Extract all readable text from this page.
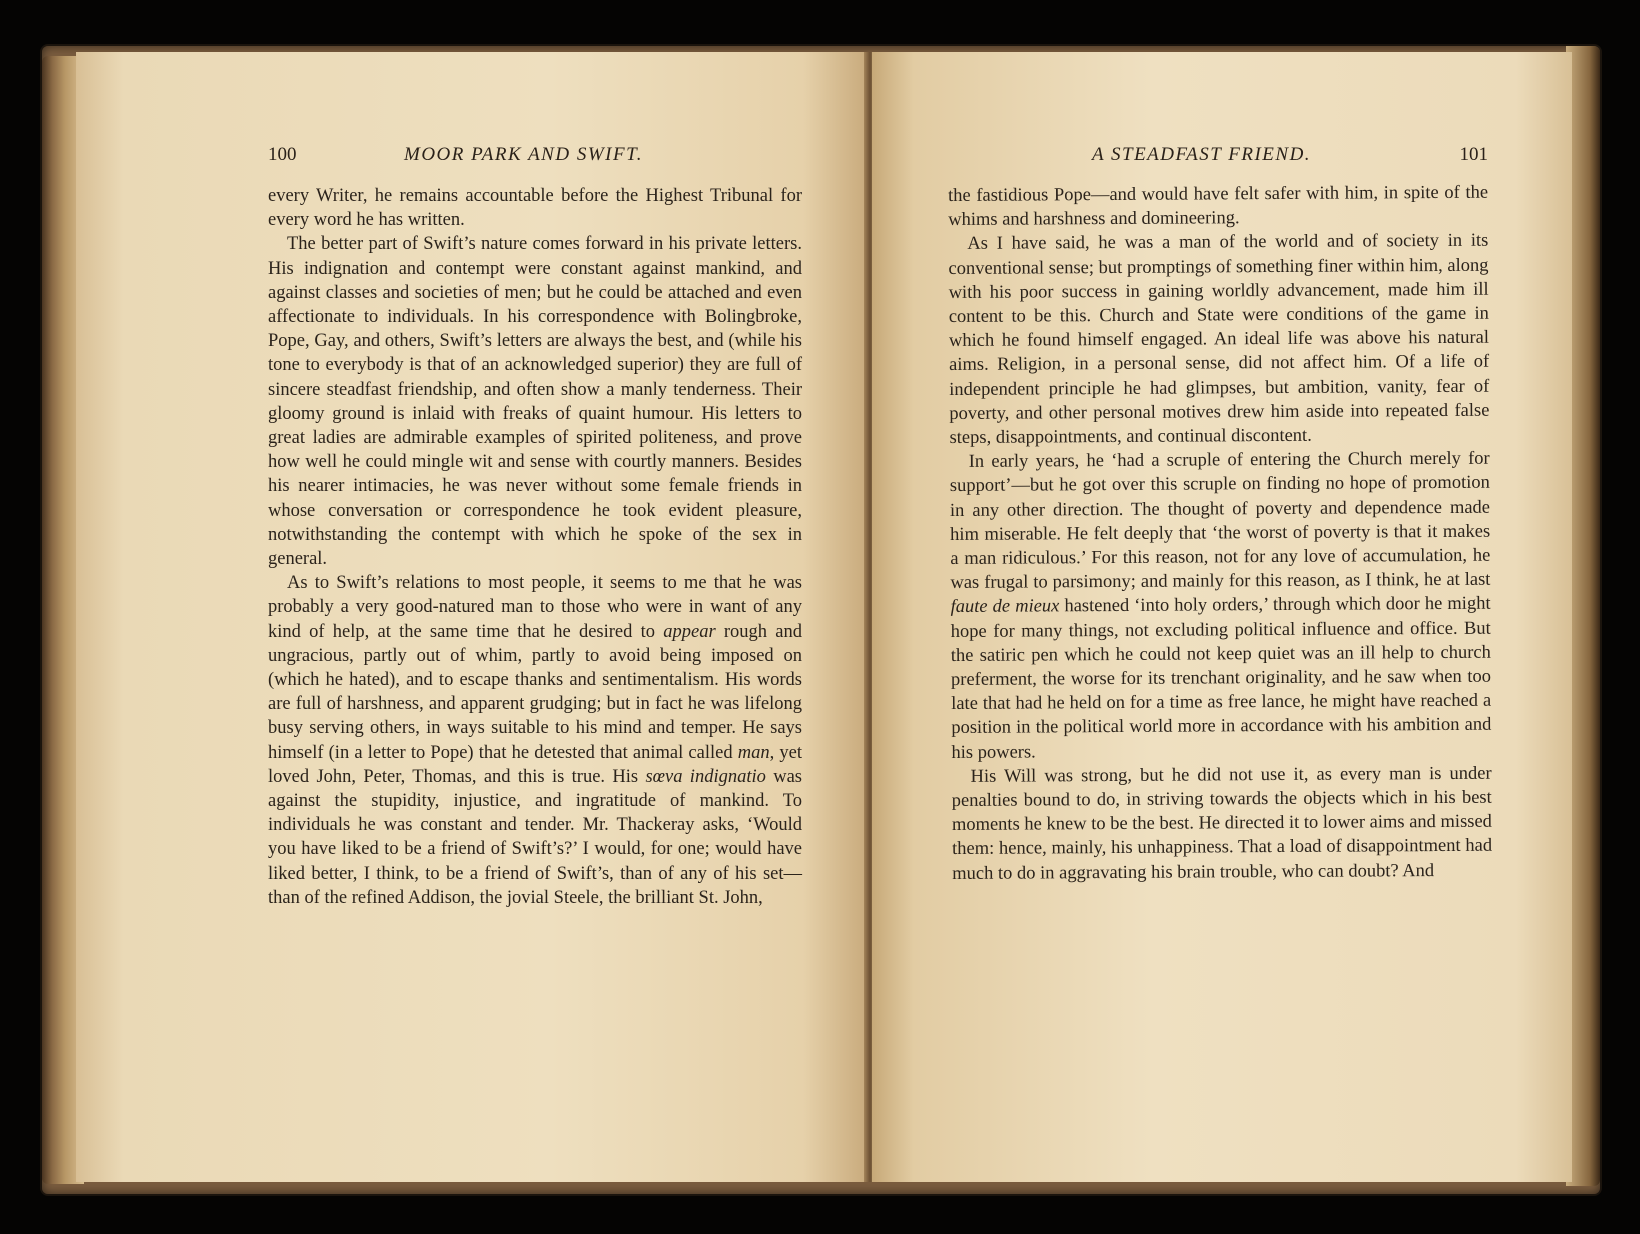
100	MOOR PARK AND SWIFT.

every Writer, he remains accountable before the Highest Tribunal for every word he has written.

The better part of Swift’s nature comes forward in his private letters. His indignation and contempt were constant against mankind, and against classes and societies of men; but he could be attached and even affectionate to individuals. In his correspondence with Bolingbroke, Pope, Gay, and others, Swift’s letters are always the best, and (while his tone to everybody is that of an acknowledged superior) they are full of sincere steadfast friendship, and often show a manly tenderness. Their gloomy ground is inlaid with freaks of quaint humour. His letters to great ladies are admirable examples of spirited politeness, and prove how well he could mingle wit and sense with courtly manners. Besides his nearer intimacies, he was never without some female friends in whose conversation or correspondence he took evident pleasure, notwithstanding the contempt with which he spoke of the sex in general.

As to Swift’s relations to most people, it seems to me that he was probably a very good-natured man to those who were in want of any kind of help, at the same time that he desired to appear rough and ungracious, partly out of whim, partly to avoid being imposed on (which he hated), and to escape thanks and sentimentalism. His words are full of harshness, and apparent grudging; but in fact he was lifelong busy serving others, in ways suitable to his mind and temper. He says himself (in a letter to Pope) that he detested that animal called man, yet loved John, Peter, Thomas, and this is true. His sœva indignatio was against the stupidity, injustice, and ingratitude of mankind. To individuals he was constant and tender. Mr. Thackeray asks, ‘Would you have liked to be a friend of Swift’s?’ I would, for one; would have liked better, I think, to be a friend of Swift’s, than of any of his set—than of the refined Addison, the jovial Steele, the brilliant St. John,

A STEADFAST FRIEND.	101

the fastidious Pope—and would have felt safer with him, in spite of the whims and harshness and domineering.

As I have said, he was a man of the world and of society in its conventional sense; but promptings of something finer within him, along with his poor success in gaining worldly advancement, made him ill content to be this. Church and State were conditions of the game in which he found himself engaged. An ideal life was above his natural aims. Religion, in a personal sense, did not affect him. Of a life of independent principle he had glimpses, but ambition, vanity, fear of poverty, and other personal motives drew him aside into repeated false steps, disappointments, and continual discontent.

In early years, he ‘had a scruple of entering the Church merely for support’—but he got over this scruple on finding no hope of promotion in any other direction. The thought of poverty and dependence made him miserable. He felt deeply that ‘the worst of poverty is that it makes a man ridiculous.’ For this reason, not for any love of accumulation, he was frugal to parsimony; and mainly for this reason, as I think, he at last faute de mieux hastened ‘into holy orders,’ through which door he might hope for many things, not excluding political influence and office. But the satiric pen which he could not keep quiet was an ill help to church preferment, the worse for its trenchant originality, and he saw when too late that had he held on for a time as free lance, he might have reached a position in the political world more in accordance with his ambition and his powers.

His Will was strong, but he did not use it, as every man is under penalties bound to do, in striving towards the objects which in his best moments he knew to be the best. He directed it to lower aims and missed them: hence, mainly, his unhappiness. That a load of disappointment had much to do in aggravating his brain trouble, who can doubt? And
